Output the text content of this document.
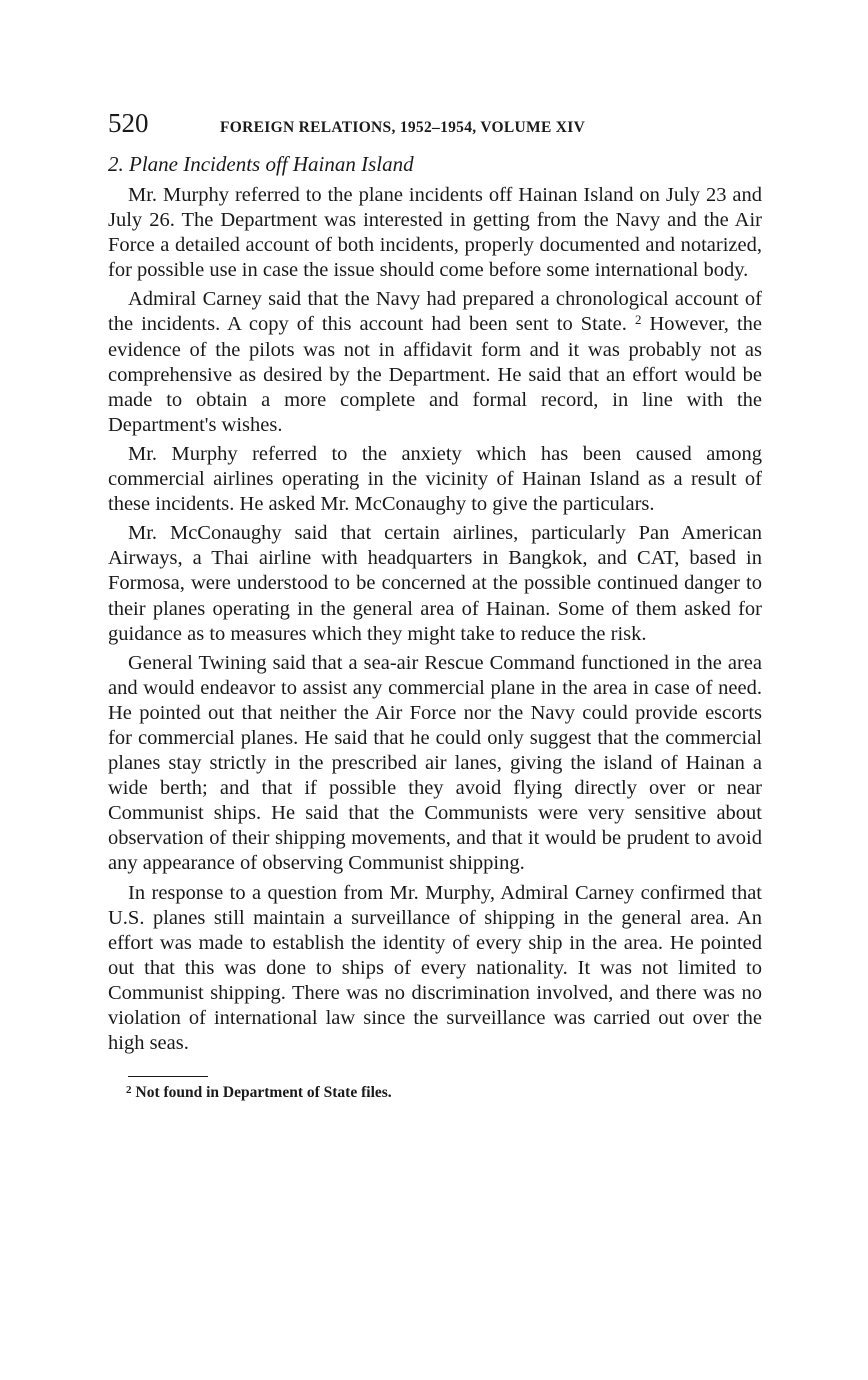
520	FOREIGN RELATIONS, 1952–1954, VOLUME XIV
2. Plane Incidents off Hainan Island

Mr. Murphy referred to the plane incidents off Hainan Island on July 23 and July 26. The Department was interested in getting from the Navy and the Air Force a detailed account of both incidents, properly documented and notarized, for possible use in case the issue should come before some international body.

Admiral Carney said that the Navy had prepared a chronological account of the incidents. A copy of this account had been sent to State. $^2$ However, the evidence of the pilots was not in affidavit form and it was probably not as comprehensive as desired by the Department. He said that an effort would be made to obtain a more complete and formal record, in line with the Department's wishes.

Mr. Murphy referred to the anxiety which has been caused among commercial airlines operating in the vicinity of Hainan Island as a result of these incidents. He asked Mr. McConaughy to give the particulars.

Mr. McConaughy said that certain airlines, particularly Pan American Airways, a Thai airline with headquarters in Bangkok, and CAT, based in Formosa, were understood to be concerned at the possible continued danger to their planes operating in the general area of Hainan. Some of them asked for guidance as to measures which they might take to reduce the risk.

General Twining said that a sea-air Rescue Command functioned in the area and would endeavor to assist any commercial plane in the area in case of need. He pointed out that neither the Air Force nor the Navy could provide escorts for commercial planes. He said that he could only suggest that the commercial planes stay strictly in the prescribed air lanes, giving the island of Hainan a wide berth; and that if possible they avoid flying directly over or near Communist ships. He said that the Communists were very sensitive about observation of their shipping movements, and that it would be prudent to avoid any appearance of observing Communist shipping.

In response to a question from Mr. Murphy, Admiral Carney confirmed that U.S. planes still maintain a surveillance of shipping in the general area. An effort was made to establish the identity of every ship in the area. He pointed out that this was done to ships of every nationality. It was not limited to Communist shipping. There was no discrimination involved, and there was no violation of international law since the surveillance was carried out over the high seas.

$^2$ Not found in Department of State files.
